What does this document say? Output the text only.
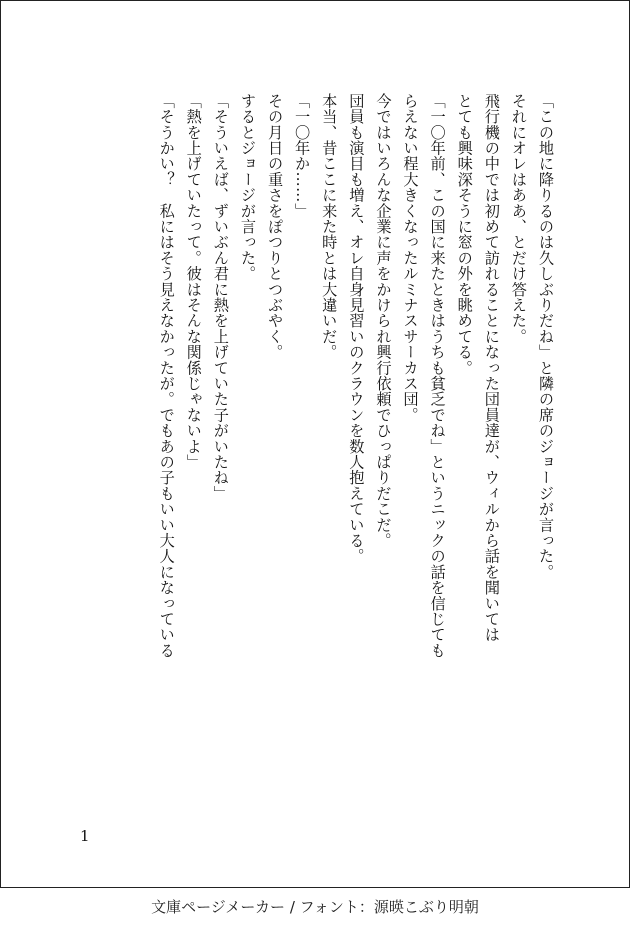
「この地に降りるのは久しぶりだね」と隣の席のジョージが言った。
それにオレはああ、とだけ答えた。
飛行機の中では初めて訪れることになった団員達が、ウィルから話を聞いては
とても興味深そうに窓の外を眺めてる。
「一〇年前、この国に来たときはうちも貧乏でね」というニックの話を信じても
らえない程大きくなったルミナスサーカス団。
今ではいろんな企業に声をかけられ興行依頼でひっぱりだこだ。
団員も演目も増え、オレ自身見習いのクラウンを数人抱えている。
本当、昔ここに来た時とは大違いだ。
「一〇年か……」
その月日の重さをぽつりとつぶやく。
するとジョージが言った。
「そういえば、ずいぶん君に熱を上げていた子がいたね」
「熱を上げていたって。彼はそんな関係じゃないよ」
「そうかい？　私にはそう見えなかったが。でもあの子もいい大人になっている
1
文庫ページメーカー / フォント：源暎こぶり明朝
